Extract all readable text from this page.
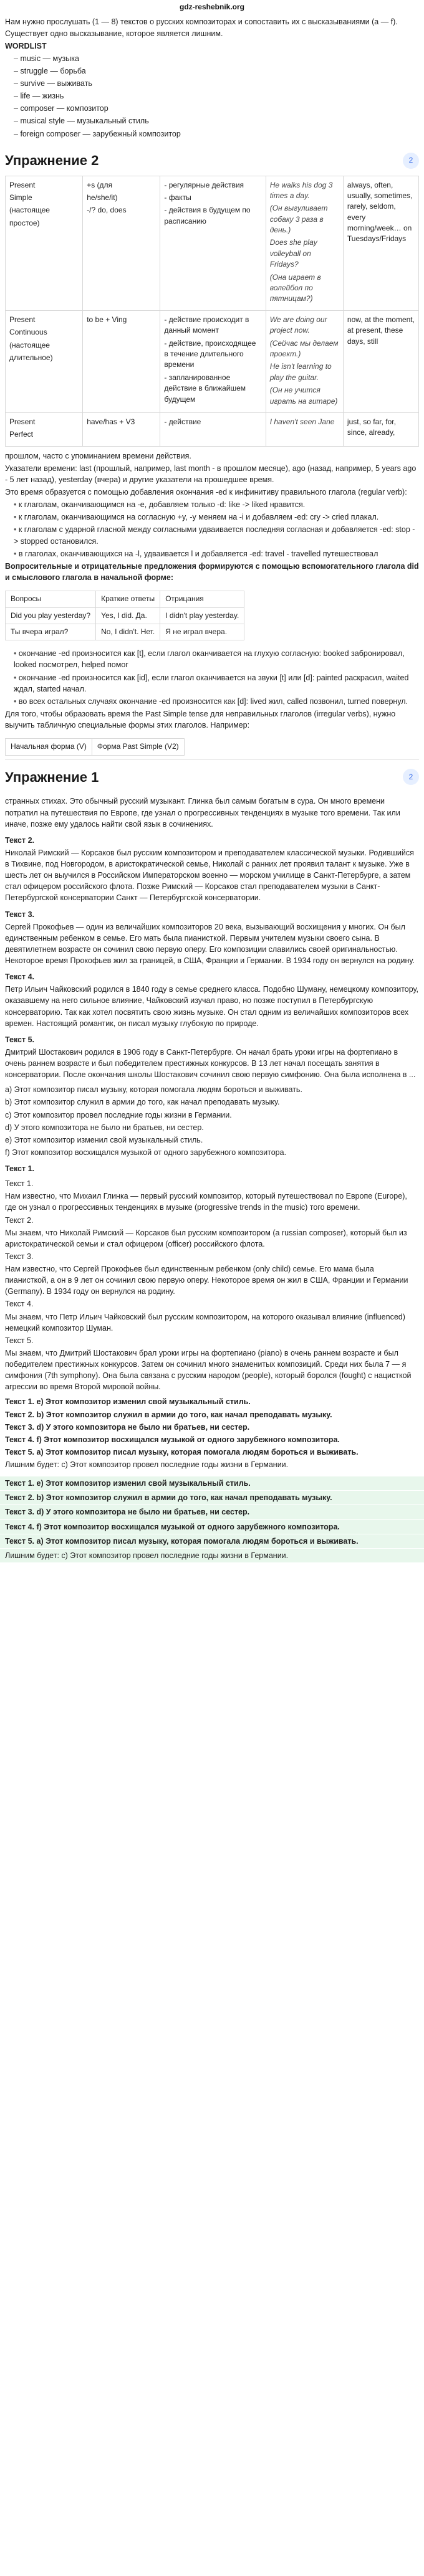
gdz-reshebnik.org

Нам нужно прослушать (1 — 8) текстов о русских композиторах и сопоставить их с высказываниями (a — f). Существует одно высказывание, которое является лишним.

WORDLIST

– music — музыка
– struggle — борьба
– survive — выживать
– life — жизнь
– composer — композитор
– musical style — музыкальный стиль
– foreign composer — зарубежный композитор
Упражнение 2	2
Present
Simple
(настоящее
простое)	+s (для
he/she/it)
-/? do, does	- регулярные действия
- факты
- действия в будущем по расписанию	He walks his dog 3 times a day.
(Он выгуливает собаку 3 раза в день.)
Does she play volleyball on Fridays?
(Она играет в волейбол по пятницам?)	always, often, usually, sometimes, rarely, seldom, every morning/week… on Tuesdays/Fridays

Present
Continuous
(настоящее
длительное)	to be + Ving	- действие происходит в данный момент
- действие, происходящее в течение длительного времени
- запланированное действие в ближайшем будущем	We are doing our project now.
(Сейчас мы делаем проект.)
He isn't learning to play the guitar.
(Он не учится играть на гитаре)	now, at the moment, at present, these days, still

Present
Perfect	have/has + V3	- действие	I haven't seen Jane	just, so far, for, since, already,

прошлом, часто с упоминанием времени действия.

Указатели времени: last (прошлый, например, last month - в прошлом месяце), ago (назад, например, 5 years ago - 5 лет назад), yesterday (вчера) и другие указатели на прошедшее время.

Это время образуется с помощью добавления окончания -ed к инфинитиву правильного глагола (regular verb):

• к глаголам, оканчивающимся на -e, добавляем только -d: like -> liked нравится.
• к глаголам, оканчивающимся на согласную +y, -y меняем на -i и добавляем -ed: cry -> cried плакал.
• к глаголам с ударной гласной между согласными удваивается последняя согласная и добавляется -ed: stop -> stopped остановился.
• в глаголах, оканчивающихся на -l, удваивается l и добавляется -ed: travel - travelled путешествовал

Вопросительные и отрицательные предложения формируются с помощью вспомогательного глагола did и смыслового глагола в начальной форме:

Вопросы	Краткие ответы	Отрицания
Did you play yesterday?	Yes, I did. Да.	I didn't play yesterday.
Ты вчера играл?	No, I didn't. Нет.	Я не играл вчера.
• окончание -ed произносится как [t], если глагол оканчивается на глухую согласную: booked забронировал, looked посмотрел, helped помог
• окончание -ed произносится как [id], если глагол оканчивается на звуки [t] или [d]: painted раскрасил, waited ждал, started начал.
• во всех остальных случаях окончание -ed произносится как [d]: lived жил, called позвонил, turned повернул.

Для того, чтобы образовать время the Past Simple tense для неправильных глаголов (irregular verbs), нужно выучить табличную специальные формы этих глаголов. Например:

Начальная форма (V)	Форма Past Simple (V2)
Упражнение 1	2

странных стихах. Это обычный русский музыкант. Глинка был самым богатым в сура. Он много времени потратил на путешествия по Европе, где узнал о прогрессивных тенденциях в музыке того времени. Так или иначе, позже ему удалось найти свой язык в сочинениях.

Текст 2.

Николай Римский — Корсаков был русским композитором и преподавателем классической музыки. Родившийся в Тихвине, под Новгородом, в аристократической семье, Николай с ранних лет проявил талант к музыке. Уже в шесть лет он выучился в Российском Императорском военно — морском училище в Санкт-Петербурге, а затем стал офицером российского флота. Позже Римский — Корсаков стал преподавателем музыки в Санкт-Петербургской консерватории Санкт — Петербургской консерватории.

Текст 3.

Сергей Прокофьев — один из величайших композиторов 20 века, вызывающий восхищения у многих. Он был единственным ребенком в семье. Его мать была пианисткой. Первым учителем музыки своего сына. В девятилетнем возрасте он сочинил свою первую оперу. Его композиции славились своей оригинальностью. Некоторое время Прокофьев жил за границей, в США, Франции и Германии. В 1934 году он вернулся на родину.

Текст 4.

Петр Ильич Чайковский родился в 1840 году в семье среднего класса. Подобно Шуману, немецкому композитору, оказавшему на него сильное влияние, Чайковский изучал право, но позже поступил в Петербургскую консерваторию. Так как хотел посвятить свою жизнь музыке. Он стал одним из величайших композиторов всех времен. Настоящий романтик, он писал музыку глубокую по природе.

Текст 5.

Дмитрий Шостакович родился в 1906 году в Санкт-Петербурге. Он начал брать уроки игры на фортепиано в очень раннем возрасте и был победителем престижных конкурсов. В 13 лет начал посещать занятия в консерватории. После окончания школы Шостакович сочинил свою первую симфонию. Она была исполнена в ...

a) Этот композитор писал музыку, которая помогала людям бороться и выживать.

b) Этот композитор служил в армии до того, как начал преподавать музыку.

c) Этот композитор провел последние годы жизни в Германии.

d) У этого композитора не было ни братьев, ни сестер.

e) Этот композитор изменил свой музыкальный стиль.

f) Этот композитор восхищался музыкой от одного зарубежного композитора.

Текст 1.

Текст 1.

Нам известно, что Михаил Глинка — первый русский композитор, который путешествовал по Европе (Europe), где он узнал о прогрессивных тенденциях в музыке (progressive trends in the music) того времени.

Текст 2.

Мы знаем, что Николай Римский — Корсаков был русским композитором (a russian composer), который был из аристократической семьи и стал офицером (officer) российского флота.

Текст 3.

Нам известно, что Сергей Прокофьев был единственным ребенком (only child) семье. Его мама была пианисткой, а он в 9 лет он сочинил свою первую оперу. Некоторое время он жил в США, Франции и Германии (Germany). В 1934 году он вернулся на родину.

Текст 4.

Мы знаем, что Петр Ильич Чайковский был русским композитором, на которого оказывал влияние (influenced) немецкий композитор Шуман.

Текст 5.

Мы знаем, что Дмитрий Шостакович брал уроки игры на фортепиано (piano) в очень раннем возрасте и был победителем престижных конкурсов. Затем он сочинил много знаменитых композиций. Среди них была 7 — я симфония (7th symphony). Она была связана с русским народом (people), который боролся (fought) с нацисткой агрессии во время Второй мировой войны.

Текст 1. e) Этот композитор изменил свой музыкальный стиль.

Текст 2. b) Этот композитор служил в армии до того, как начал преподавать музыку.

Текст 3. d) У этого композитора не было ни братьев, ни сестер.

Текст 4. f) Этот композитор восхищался музыкой от одного зарубежного композитора.

Текст 5. a) Этот композитор писал музыку, которая помогала людям бороться и выживать.

Лишним будет: c) Этот композитор провел последние годы жизни в Германии.

Текст 1. e) Этот композитор изменил свой музыкальный стиль.
Текст 2. b) Этот композитор служил в армии до того, как начал преподавать музыку.
Текст 3. d) У этого композитора не было ни братьев, ни сестер.
Текст 4. f) Этот композитор восхищался музыкой от одного зарубежного композитора.
Текст 5. a) Этот композитор писал музыку, которая помогала людям бороться и выживать.
Лишним будет: c) Этот композитор провел последние годы жизни в Германии.
